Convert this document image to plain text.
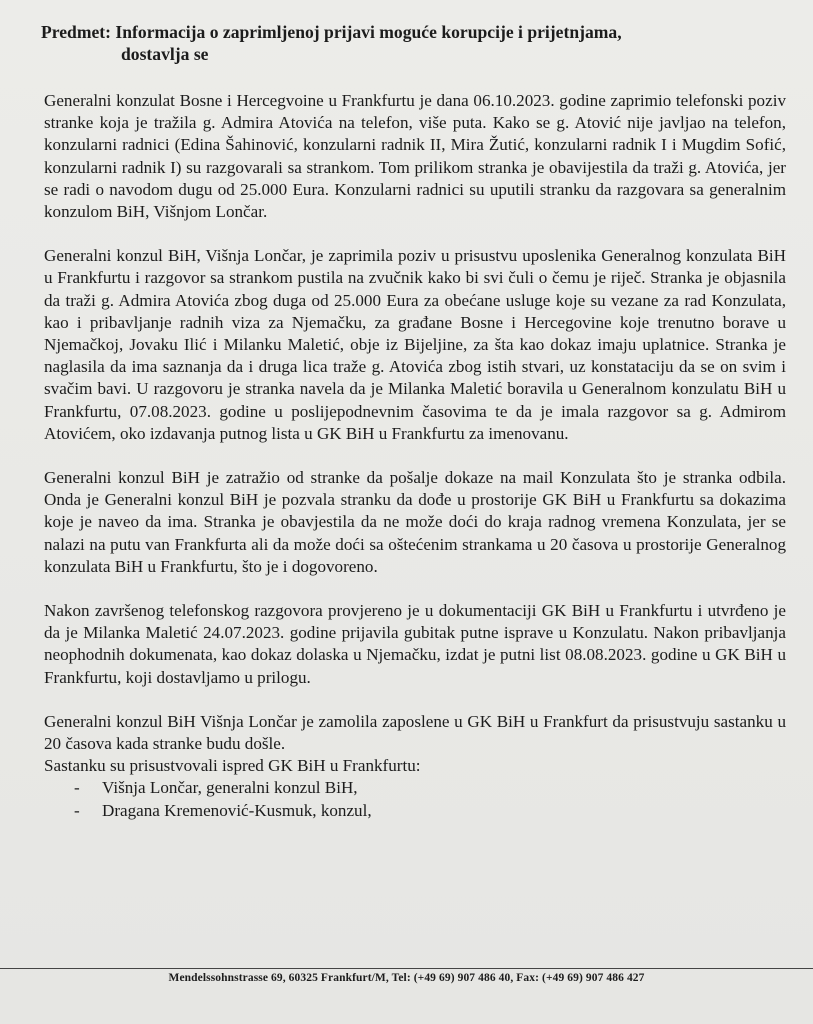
Predmet: Informacija o zaprimljenoj prijavi moguće korupcije i prijetnjama,
dostavlja se

Generalni konzulat Bosne i Hercegvoine u Frankfurtu je dana 06.10.2023. godine zaprimio telefonski poziv stranke koja je tražila g. Admira Atovića na telefon, više puta. Kako se g. Atović nije javljao na telefon, konzularni radnici (Edina Šahinović, konzularni radnik II, Mira Žutić, konzularni radnik I i Mugdim Sofić, konzularni radnik I) su razgovarali sa strankom. Tom prilikom stranka je obavijestila da traži g. Atovića, jer se radi o navodom dugu od 25.000 Eura. Konzularni radnici su uputili stranku da razgovara sa generalnim konzulom BiH, Višnjom Lončar.

Generalni konzul BiH, Višnja Lončar, je zaprimila poziv u prisustvu uposlenika Generalnog konzulata BiH u Frankfurtu i razgovor sa strankom pustila na zvučnik kako bi svi čuli o čemu je riječ. Stranka je objasnila da traži g. Admira Atovića zbog duga od 25.000 Eura za obećane usluge koje su vezane za rad Konzulata, kao i pribavljanje radnih viza za Njemačku, za građane Bosne i Hercegovine koje trenutno borave u Njemačkoj, Jovaku Ilić i Milanku Maletić, obje iz Bijeljine, za šta kao dokaz imaju uplatnice. Stranka je naglasila da ima saznanja da i druga lica traže g. Atovića zbog istih stvari, uz konstataciju da se on svim i svačim bavi. U razgovoru je stranka navela da je Milanka Maletić boravila u Generalnom konzulatu BiH u Frankfurtu, 07.08.2023. godine u poslijepodnevnim časovima te da je imala razgovor sa g. Admirom Atovićem, oko izdavanja putnog lista u GK BiH u Frankfurtu za imenovanu.

Generalni konzul BiH je zatražio od stranke da pošalje dokaze na mail Konzulata što je stranka odbila. Onda je Generalni konzul BiH je pozvala stranku da dođe u prostorije GK BiH u Frankfurtu sa dokazima koje je naveo da ima. Stranka je obavjestila da ne može doći do kraja radnog vremena Konzulata, jer se nalazi na putu van Frankfurta ali da može doći sa oštećenim strankama u 20 časova u prostorije Generalnog konzulata BiH u Frankfurtu, što je i dogovoreno.

Nakon završenog telefonskog razgovora provjereno je u dokumentaciji GK BiH u Frankfurtu i utvrđeno je da je Milanka Maletić 24.07.2023. godine prijavila gubitak putne isprave u Konzulatu. Nakon pribavljanja neophodnih dokumenata, kao dokaz dolaska u Njemačku, izdat je putni list 08.08.2023. godine u GK BiH u Frankfurtu, koji dostavljamo u prilogu.

Generalni konzul BiH Višnja Lončar je zamolila zaposlene u GK BiH u Frankfurt da prisustvuju sastanku u 20 časova kada stranke budu došle.

Sastanku su prisustvovali ispred GK BiH u Frankfurtu:
- Višnja Lončar, generalni konzul BiH,
- Dragana Kremenović-Kusmuk, konzul,
Mendelssohnstrasse 69, 60325 Frankfurt/M, Tel: (+49 69) 907 486 40, Fax: (+49 69) 907 486 427
